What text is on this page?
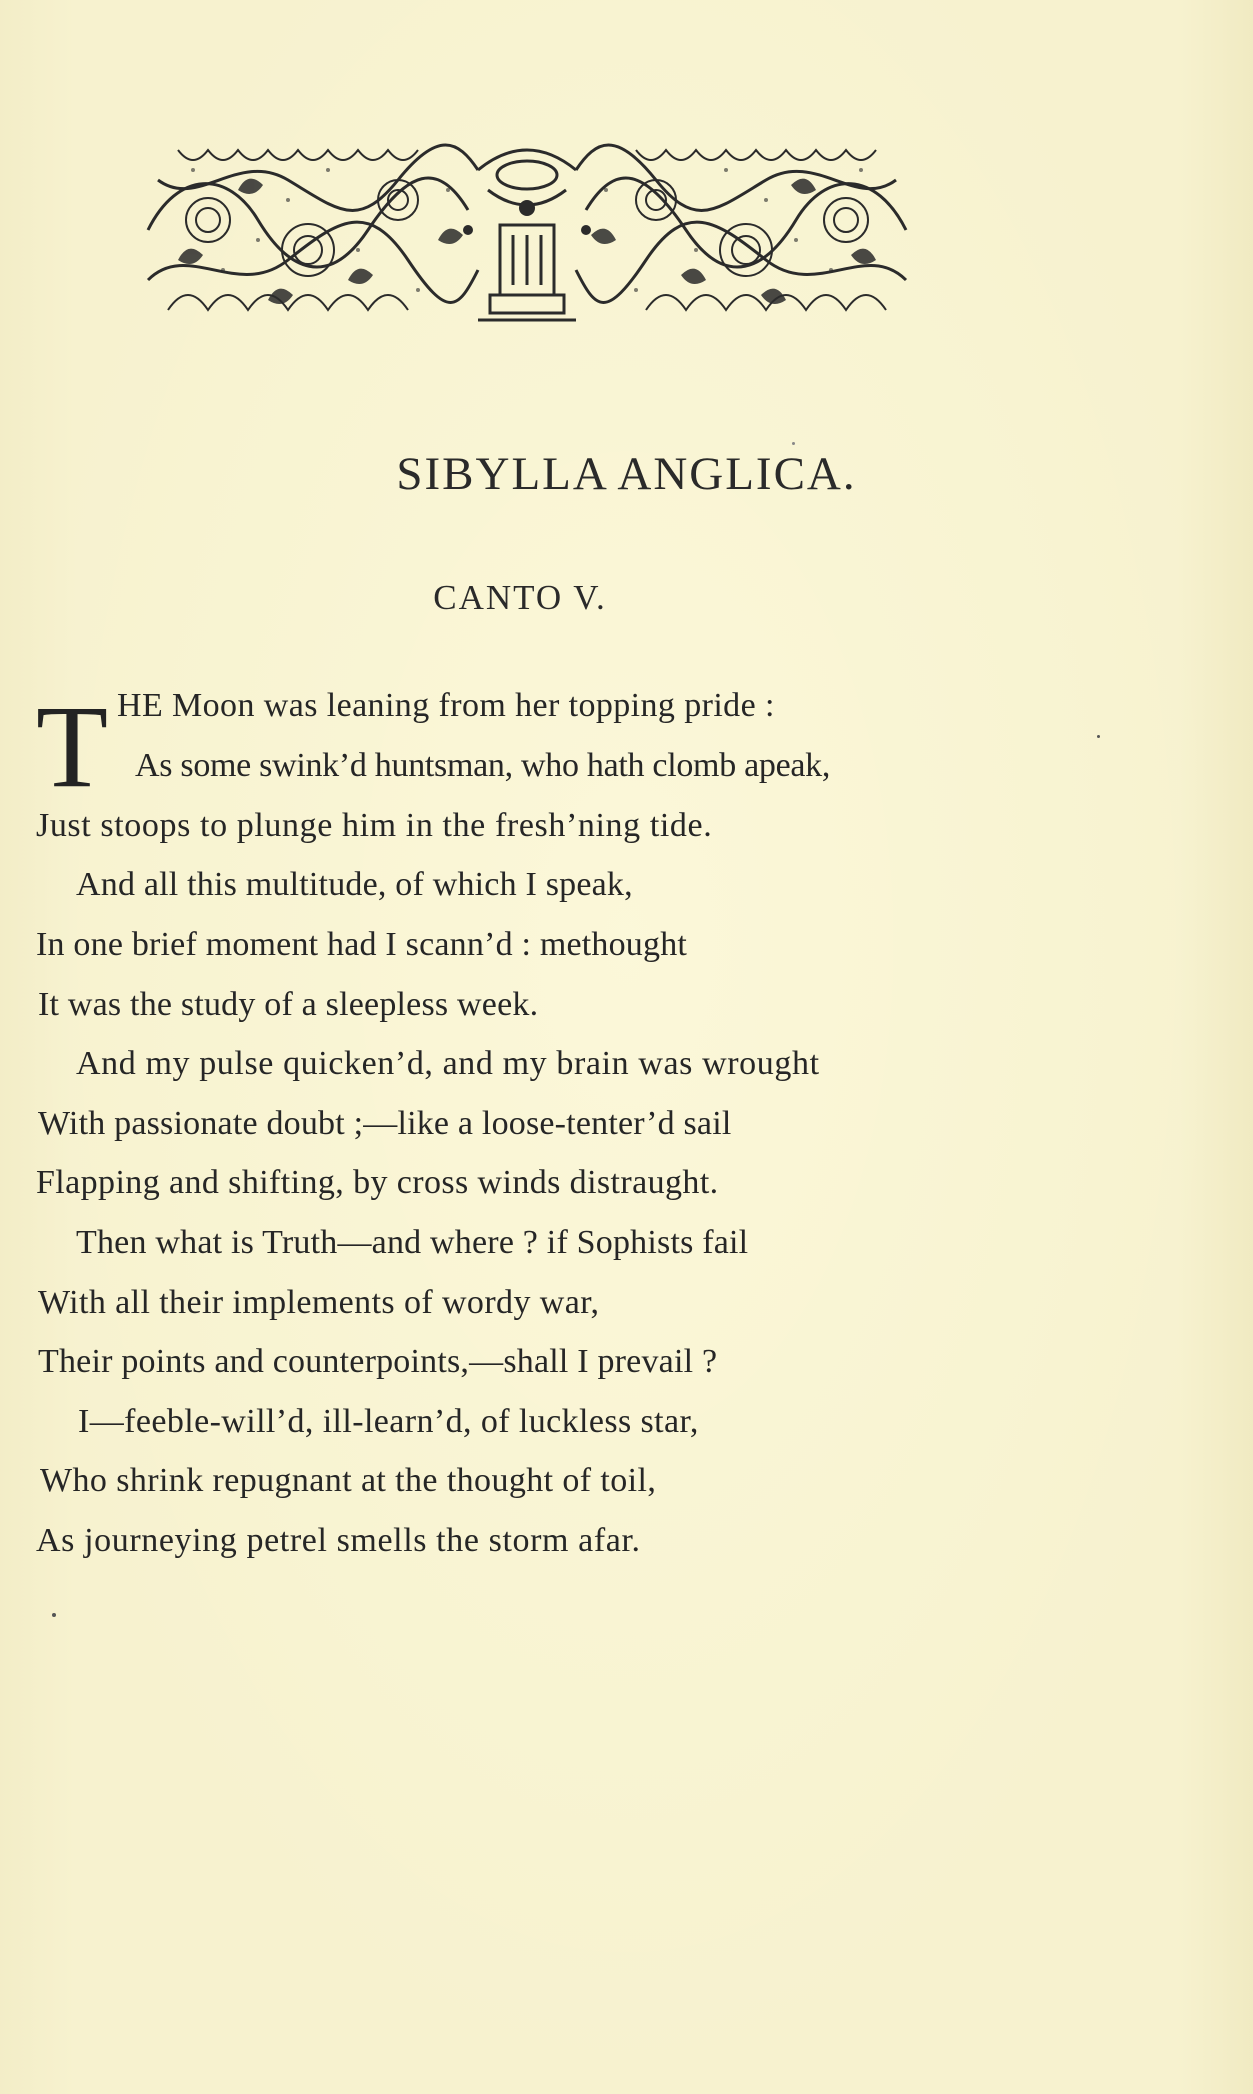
SIBYLLA ANGLICA.
CANTO V.
T HE Moon was leaning from her topping pride :
As some swink’d huntsman, who hath clomb apeak,
Just stoops to plunge him in the fresh’ning tide.
And all this multitude, of which I speak,
In one brief moment had I scann’d : methought
It was the study of a sleepless week.
And my pulse quicken’d, and my brain was wrought
With passionate doubt ;—like a loose-tenter’d sail
Flapping and shifting, by cross winds distraught.
Then what is Truth—and where ? if Sophists fail
With all their implements of wordy war,
Their points and counterpoints,—shall I prevail ?
I—feeble-will’d, ill-learn’d, of luckless star,
Who shrink repugnant at the thought of toil,
As journeying petrel smells the storm afar.
